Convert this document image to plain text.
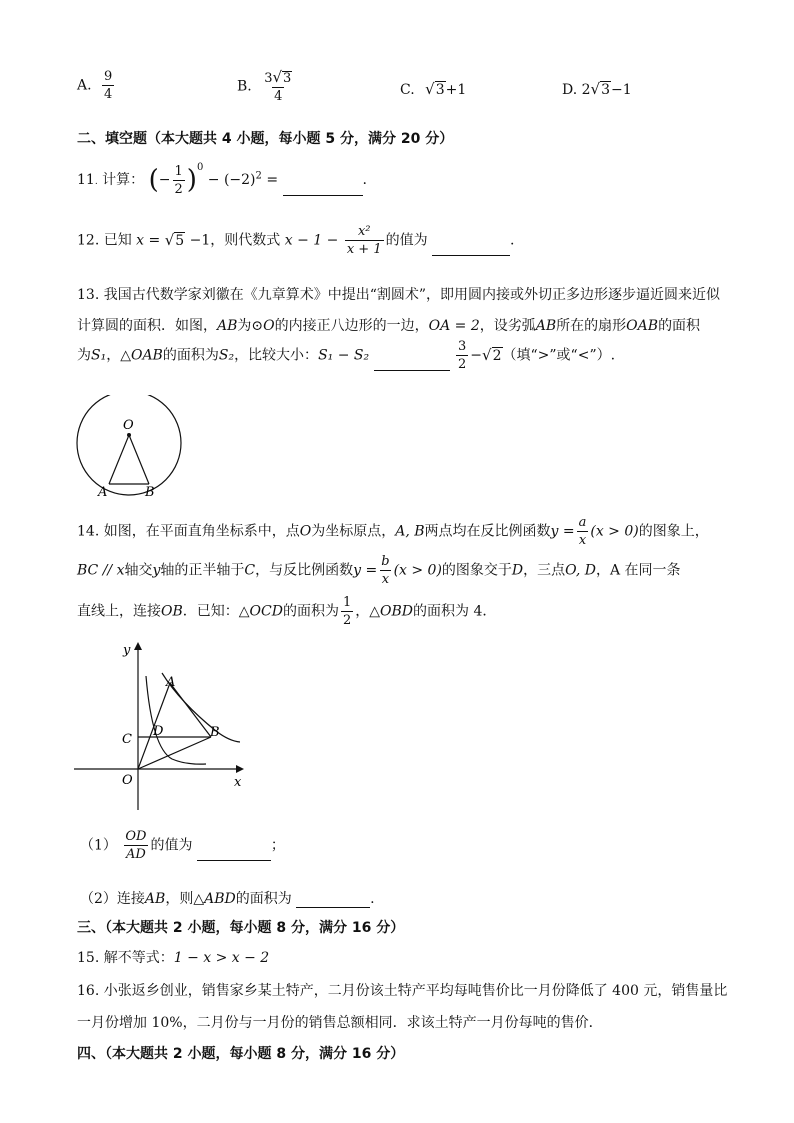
A. $\frac{9}{4}$	B. $\frac{3 √ 3}{4}$	C. √ 3 +1	D. 2 √ 3 −1
二、填空题（本大题共 4 小题，每小题 5 分，满分 20 分）
11. 计算： (− $\frac{1}{2} )^0 - (-2)^2$ =	.
12. 已知 x = √ 5 −1，则代数式 $x - 1 - \frac{\text{x²}}{x + 1}$ 的值为	.
13. 我国古代数学家刘徽在《九章算术》中提出“割圆术”，即用圆内接或外切正多边形逐步逼近圆来近似
计算圆的面积．如图，AB为⊙O的内接正八边形的一边，OA = 2，设劣弧AB所在的扇形OAB的面积
为S₁，△OAB的面积为S₂，比较大小：S₁ − S₂	$\frac{3}{2}$ − √ 2 （填“>”或“<”）.
O
A	B
14. 如图，在平面直角坐标系中，点O为坐标原点，A, B两点均在反比例函数$y = \frac{a}{x} (x > 0)$的图象上，
BC // x轴交y轴的正半轴于C，与反比例函数$y = \frac{b}{x} (x > 0)$的图象交于D，三点O, D，A 在同一条
直线上，连接OB．已知：△OCD的面积为 $\frac{1}{2}$ ，△OBD的面积为 4．
y
x
A
B
C
D
O
$(1) \frac{OD}{AD}$ 的值为	；
（2）连接AB，则△ABD的面积为	.
三、（本大题共 2 小题，每小题 8 分，满分 16 分）
15. 解不等式：1 − x > x − 2
16. 小张返乡创业，销售家乡某土特产，二月份该土特产平均每吨售价比一月份降低了 400 元，销售量比
一月份增加 10%，二月份与一月份的销售总额相同．求该土特产一月份每吨的售价．
四、（本大题共 2 小题，每小题 8 分，满分 16 分）
